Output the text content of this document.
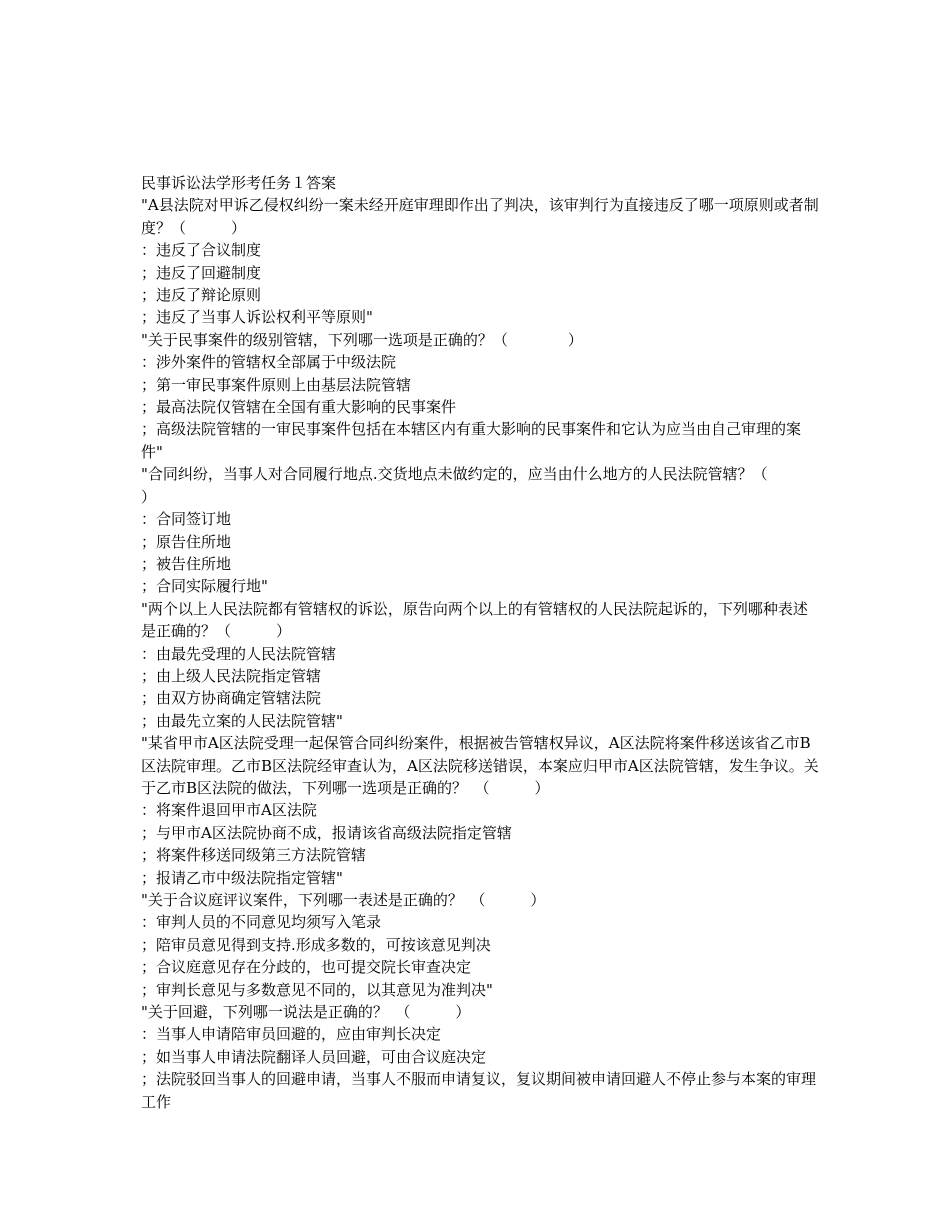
民事诉讼法学形考任务１答案
"A县法院对甲诉乙侵权纠纷一案未经开庭审理即作出了判决，该审判行为直接违反了哪一项原则或者制度？（　　　）
：违反了合议制度
；违反了回避制度
；违反了辩论原则
；违反了当事人诉讼权利平等原则"
"关于民事案件的级别管辖，下列哪一选项是正确的？（　　　　）
：涉外案件的管辖权全部属于中级法院
；第一审民事案件原则上由基层法院管辖
；最高法院仅管辖在全国有重大影响的民事案件
；高级法院管辖的一审民事案件包括在本辖区内有重大影响的民事案件和它认为应当由自己审理的案件"
"合同纠纷，当事人对合同履行地点.交货地点未做约定的，应当由什么地方的人民法院管辖？（　　　　）
：合同签订地
；原告住所地
；被告住所地
；合同实际履行地"
"两个以上人民法院都有管辖权的诉讼，原告向两个以上的有管辖权的人民法院起诉的，下列哪种表述是正确的？（　　　）
：由最先受理的人民法院管辖
；由上级人民法院指定管辖
；由双方协商确定管辖法院
；由最先立案的人民法院管辖"
"某省甲市A区法院受理一起保管合同纠纷案件，根据被告管辖权异议，A区法院将案件移送该省乙市B区法院审理。乙市B区法院经审查认为，A区法院移送错误，本案应归甲市A区法院管辖，发生争议。关于乙市B区法院的做法，下列哪一选项是正确的？　（　　　）
：将案件退回甲市A区法院
；与甲市A区法院协商不成，报请该省高级法院指定管辖
；将案件移送同级第三方法院管辖
；报请乙市中级法院指定管辖"
"关于合议庭评议案件，下列哪一表述是正确的？　（　　　）
：审判人员的不同意见均须写入笔录
；陪审员意见得到支持.形成多数的，可按该意见判决
；合议庭意见存在分歧的，也可提交院长审查决定
；审判长意见与多数意见不同的，以其意见为准判决"
"关于回避，下列哪一说法是正确的？　（　　　）
：当事人申请陪审员回避的，应由审判长决定
；如当事人申请法院翻译人员回避，可由合议庭决定
；法院驳回当事人的回避申请，当事人不服而申请复议，复议期间被申请回避人不停止参与本案的审理工作
